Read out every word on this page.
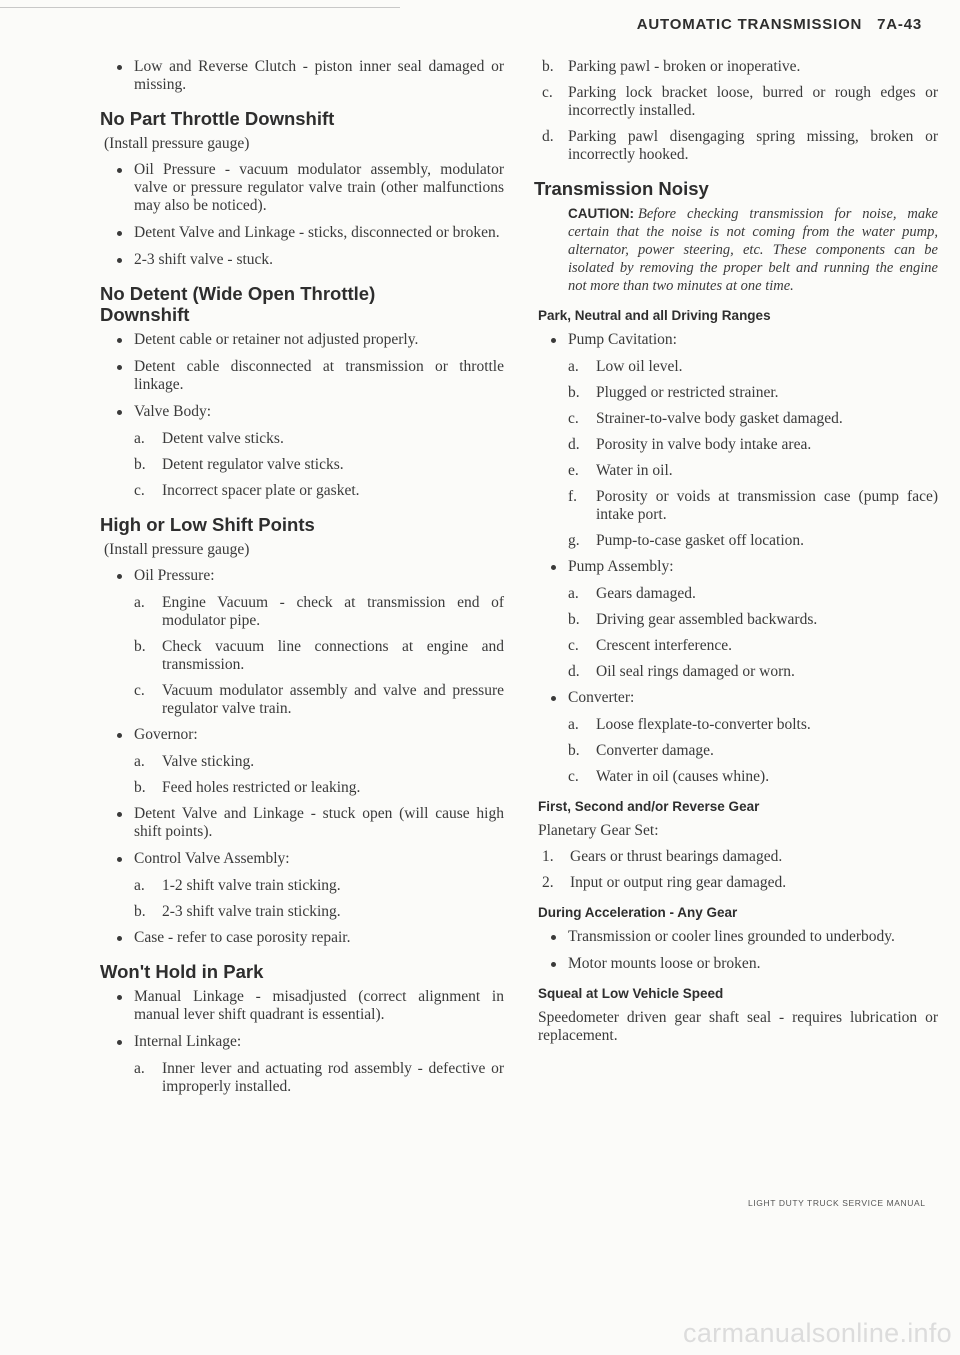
AUTOMATIC TRANSMISSION 7A-43
Low and Reverse Clutch - piston inner seal damaged or missing.
No Part Throttle Downshift
(Install pressure gauge)
Oil Pressure - vacuum modulator assembly, modulator valve or pressure regulator valve train (other malfunctions may also be noticed).
Detent Valve and Linkage - sticks, disconnected or broken.
2-3 shift valve - stuck.
No Detent (Wide Open Throttle)
Downshift
Detent cable or retainer not adjusted properly.
Detent cable disconnected at transmission or throttle linkage.
Valve Body:
a. Detent valve sticks.
b. Detent regulator valve sticks.
c. Incorrect spacer plate or gasket.
High or Low Shift Points
(Install pressure gauge)
Oil Pressure:
a. Engine Vacuum - check at transmission end of modulator pipe.
b. Check vacuum line connections at engine and transmission.
c. Vacuum modulator assembly and valve and pressure regulator valve train.
Governor:
a. Valve sticking.
b. Feed holes restricted or leaking.
Detent Valve and Linkage - stuck open (will cause high shift points).
Control Valve Assembly:
a. 1-2 shift valve train sticking.
b. 2-3 shift valve train sticking.
Case - refer to case porosity repair.
Won't Hold in Park
Manual Linkage - misadjusted (correct alignment in manual lever shift quadrant is essential).
Internal Linkage:
a. Inner lever and actuating rod assembly - defective or improperly installed.
b. Parking pawl - broken or inoperative.
c. Parking lock bracket loose, burred or rough edges or incorrectly installed.
d. Parking pawl disengaging spring missing, broken or incorrectly hooked.
Transmission Noisy
CAUTION: Before checking transmission for noise, make certain that the noise is not coming from the water pump, alternator, power steering, etc. These components can be isolated by removing the proper belt and running the engine not more than two minutes at one time.
Park, Neutral and all Driving Ranges
Pump Cavitation:
a. Low oil level.
b. Plugged or restricted strainer.
c. Strainer-to-valve body gasket damaged.
d. Porosity in valve body intake area.
e. Water in oil.
f. Porosity or voids at transmission case (pump face) intake port.
g. Pump-to-case gasket off location.
Pump Assembly:
a. Gears damaged.
b. Driving gear assembled backwards.
c. Crescent interference.
d. Oil seal rings damaged or worn.
Converter:
a. Loose flexplate-to-converter bolts.
b. Converter damage.
c. Water in oil (causes whine).
First, Second and/or Reverse Gear
Planetary Gear Set:
1. Gears or thrust bearings damaged.
2. Input or output ring gear damaged.
During Acceleration - Any Gear
Transmission or cooler lines grounded to underbody.
Motor mounts loose or broken.
Squeal at Low Vehicle Speed
Speedometer driven gear shaft seal - requires lubrication or replacement.
LIGHT DUTY TRUCK SERVICE MANUAL
carmanualsonline.info
